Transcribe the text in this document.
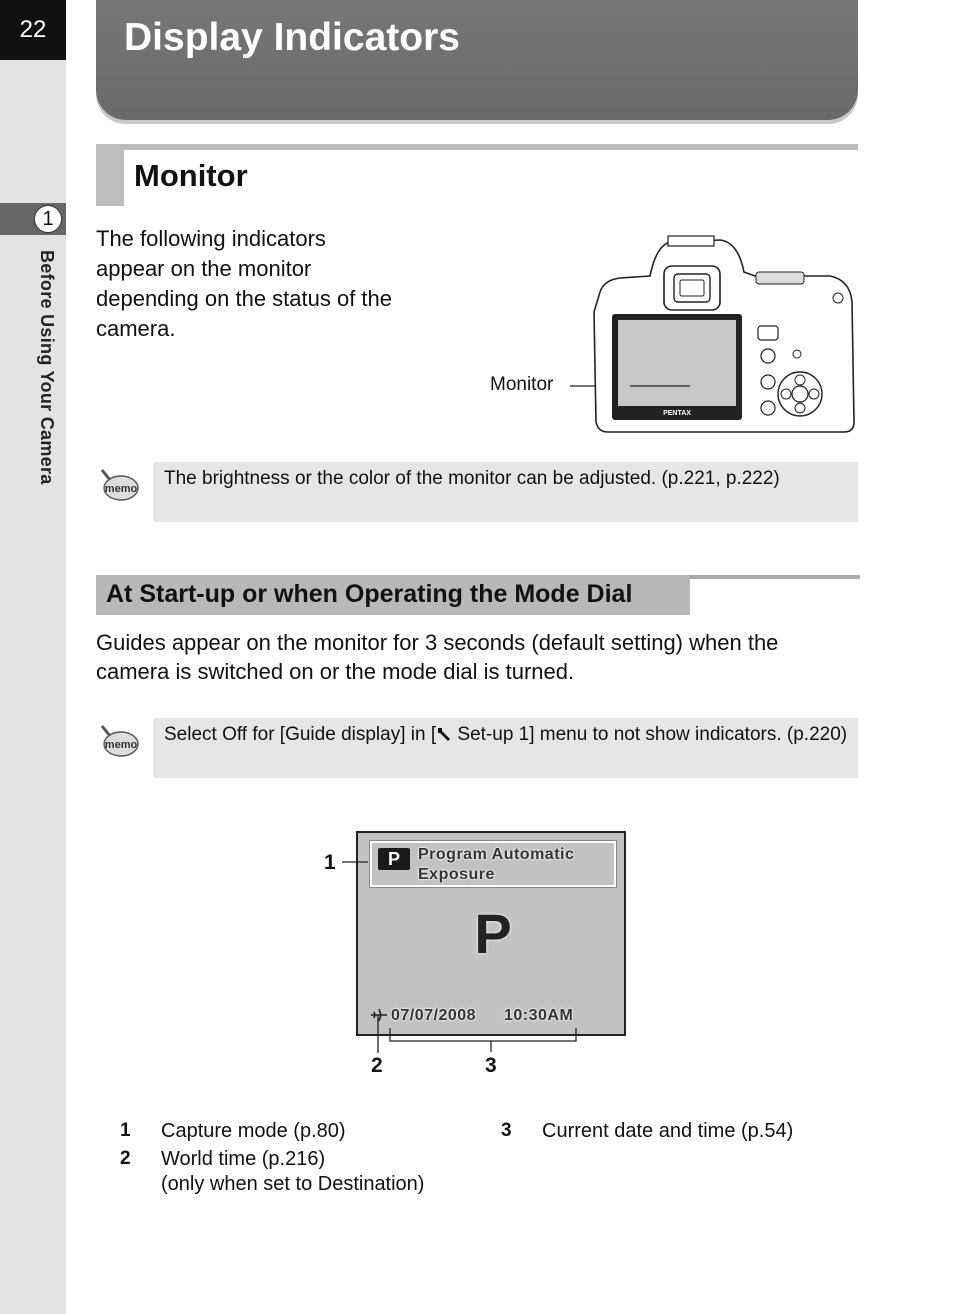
22
1
Before Using Your Camera
Display Indicators
Monitor
The following indicators appear on the monitor depending on the status of the camera.
Monitor
PENTAX
memo	The brightness or the color of the monitor can be adjusted. (p.221, p.222)
At Start-up or when Operating the Mode Dial
Guides appear on the monitor for 3 seconds (default setting) when the camera is switched on or the mode dial is turned.
memo	Select Off for [Guide display] in [ Set-up 1] menu to not show indicators. (p.220)
P	Program Automatic Exposure
P
07/07/2008 10:30AM
1
2	3
1 Capture mode (p.80)
2 World time (p.216)
(only when set to Destination)
3 Current date and time (p.54)
